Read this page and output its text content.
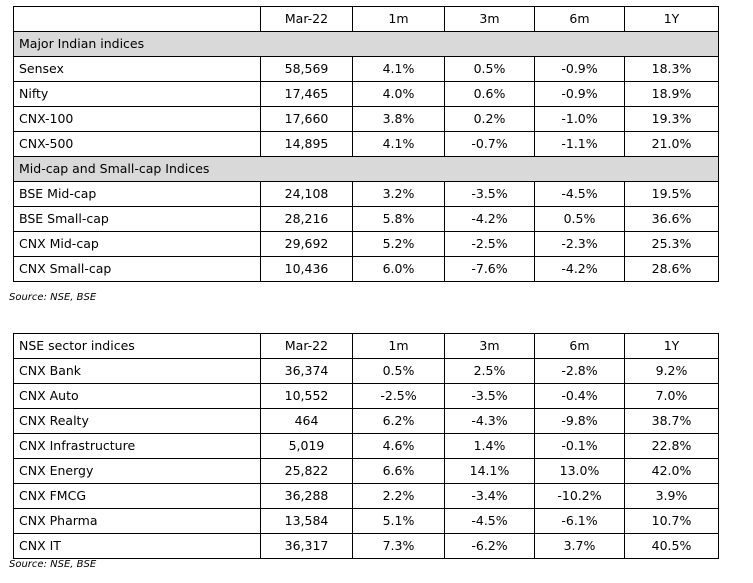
	Mar-22	1m	3m	6m	1Y
Major Indian indices					
Sensex	58,569	4.1%	0.5%	-0.9%	18.3%
Nifty	17,465	4.0%	0.6%	-0.9%	18.9%
CNX-100	17,660	3.8%	0.2%	-1.0%	19.3%
CNX-500	14,895	4.1%	-0.7%	-1.1%	21.0%
Mid-cap and Small-cap Indices					
BSE Mid-cap	24,108	3.2%	-3.5%	-4.5%	19.5%
BSE Small-cap	28,216	5.8%	-4.2%	0.5%	36.6%
CNX Mid-cap	29,692	5.2%	-2.5%	-2.3%	25.3%
CNX Small-cap	10,436	6.0%	-7.6%	-4.2%	28.6%
Source: NSE, BSE
NSE sector indices	Mar-22	1m	3m	6m	1Y
CNX Bank	36,374	0.5%	2.5%	-2.8%	9.2%
CNX Auto	10,552	-2.5%	-3.5%	-0.4%	7.0%
CNX Realty	464	6.2%	-4.3%	-9.8%	38.7%
CNX Infrastructure	5,019	4.6%	1.4%	-0.1%	22.8%
CNX Energy	25,822	6.6%	14.1%	13.0%	42.0%
CNX FMCG	36,288	2.2%	-3.4%	-10.2%	3.9%
CNX Pharma	13,584	5.1%	-4.5%	-6.1%	10.7%
CNX IT	36,317	7.3%	-6.2%	3.7%	40.5%
Source: NSE, BSE
